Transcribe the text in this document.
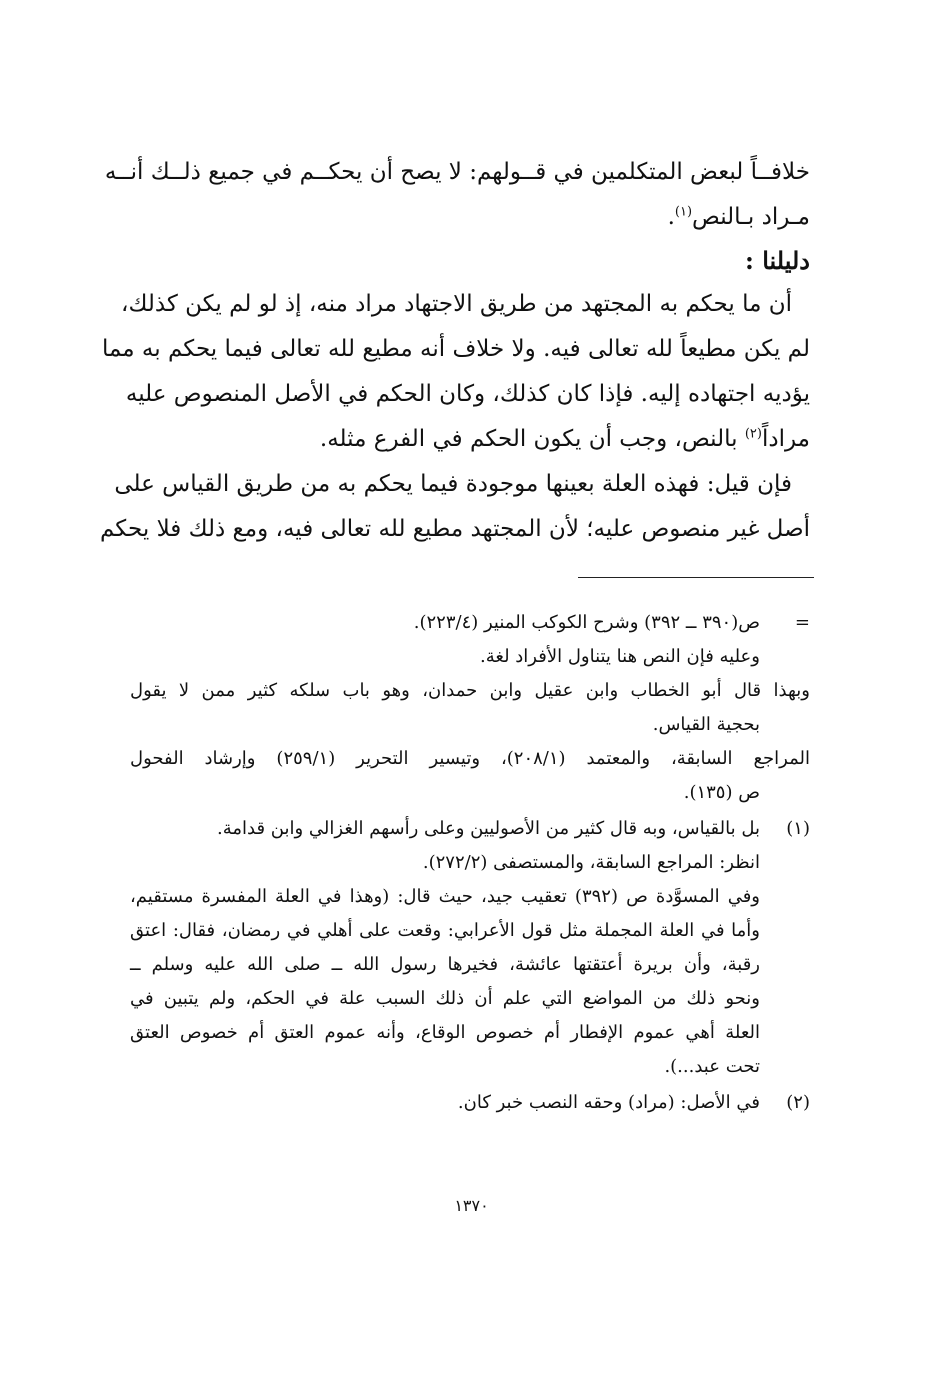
خلافــاً لبعض المتكلمين في قــولهم: لا يصح أن يحكــم في جميع ذلــك أنــه
مـراد بـالنص$^{(١)}$.
دليلنا :
أن ما يحكم به المجتهد من طريق الاجتهاد مراد منه، إذ لو لم يكن كذلك،
لم يكن مطيعاً لله تعالى فيه. ولا خلاف أنه مطيع لله تعالى فيما يحكم به مما
يؤديه اجتهاده إليه. فإذا كان كذلك، وكان الحكم في الأصل المنصوص عليه
مراداً$^{(٢)}$ بالنص، وجب أن يكون الحكم في الفرع مثله.
فإن قيل: فهذه العلة بعينها موجودة فيما يحكم به من طريق القياس على
أصل غير منصوص عليه؛ لأن المجتهد مطيع لله تعالى فيه، ومع ذلك فلا يحكم
=
ص(٣٩٠ ــ ٣٩٢) وشرح الكوكب المنير (٢٢٣/٤).
وعليه فإن النص هنا يتناول الأفراد لغة.
وبهذا قال أبو الخطاب وابن عقيل وابن حمدان، وهو باب سلكه كثير ممن لا يقول
بحجية القياس.
المراجع السابقة، والمعتمد (٢٠٨/١)، وتيسير التحرير (٢٥٩/١) وإرشاد الفحول
ص (١٣٥).
(١)
بل بالقياس، وبه قال كثير من الأصوليين وعلى رأسهم الغزالي وابن قدامة.
انظر: المراجع السابقة، والمستصفى (٢٧٢/٢).
وفي المسوَّدة ص (٣٩٢) تعقيب جيد، حيث قال: (وهذا في العلة المفسرة مستقيم،
وأما في العلة المجملة مثل قول الأعرابي: وقعت على أهلي في رمضان، فقال: اعتق
رقبة، وأن بريرة أعتقتها عائشة، فخيرها رسول الله ــ صلى الله عليه وسلم ــ
ونحو ذلك من المواضع التي علم أن ذلك السبب علة في الحكم، ولم يتبين في
العلة أهي عموم الإفطار أم خصوص الوقاع، وأنه عموم العتق أم خصوص العتق
تحت عبد...).
(٢)
في الأصل: (مراد) وحقه النصب خبر كان.
١٣٧٠
